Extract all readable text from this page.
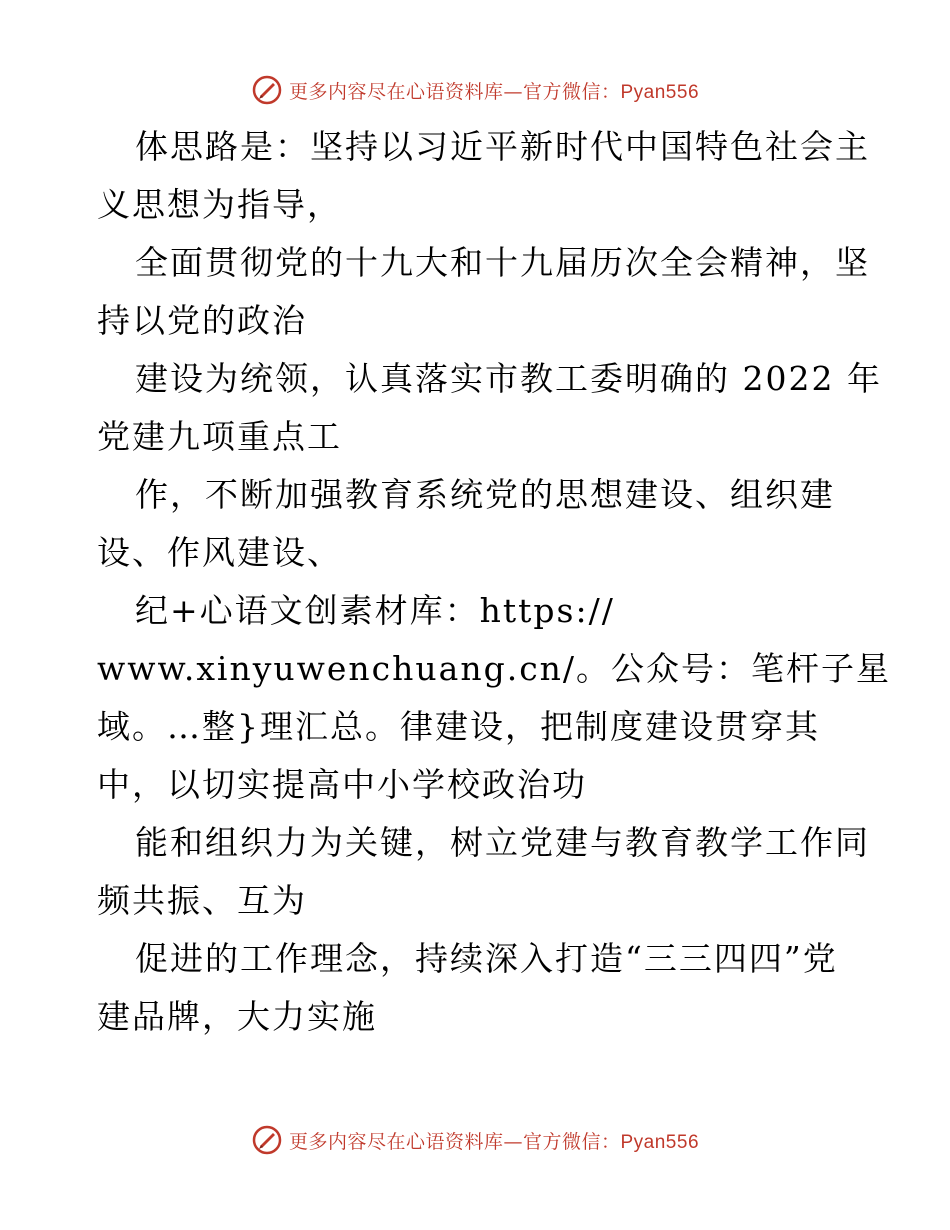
更多内容尽在心语资料库—官方微信：Pyan556
体思路是：坚持以习近平新时代中国特色社会主
义思想为指导，
全面贯彻党的十九大和十九届历次全会精神，坚
持以党的政治
建设为统领，认真落实市教工委明确的 2022 年
党建九项重点工
作，不断加强教育系统党的思想建设、组织建
设、作风建设、
纪+心语文创素材库：https://
www.xinyuwenchuang.cn/。公众号：笔杆子星
域。…整}理汇总。律建设，把制度建设贯穿其
中，以切实提高中小学校政治功
能和组织力为关键，树立党建与教育教学工作同
频共振、互为
促进的工作理念，持续深入打造“三三四四”党
建品牌，大力实施
更多内容尽在心语资料库—官方微信：Pyan556
